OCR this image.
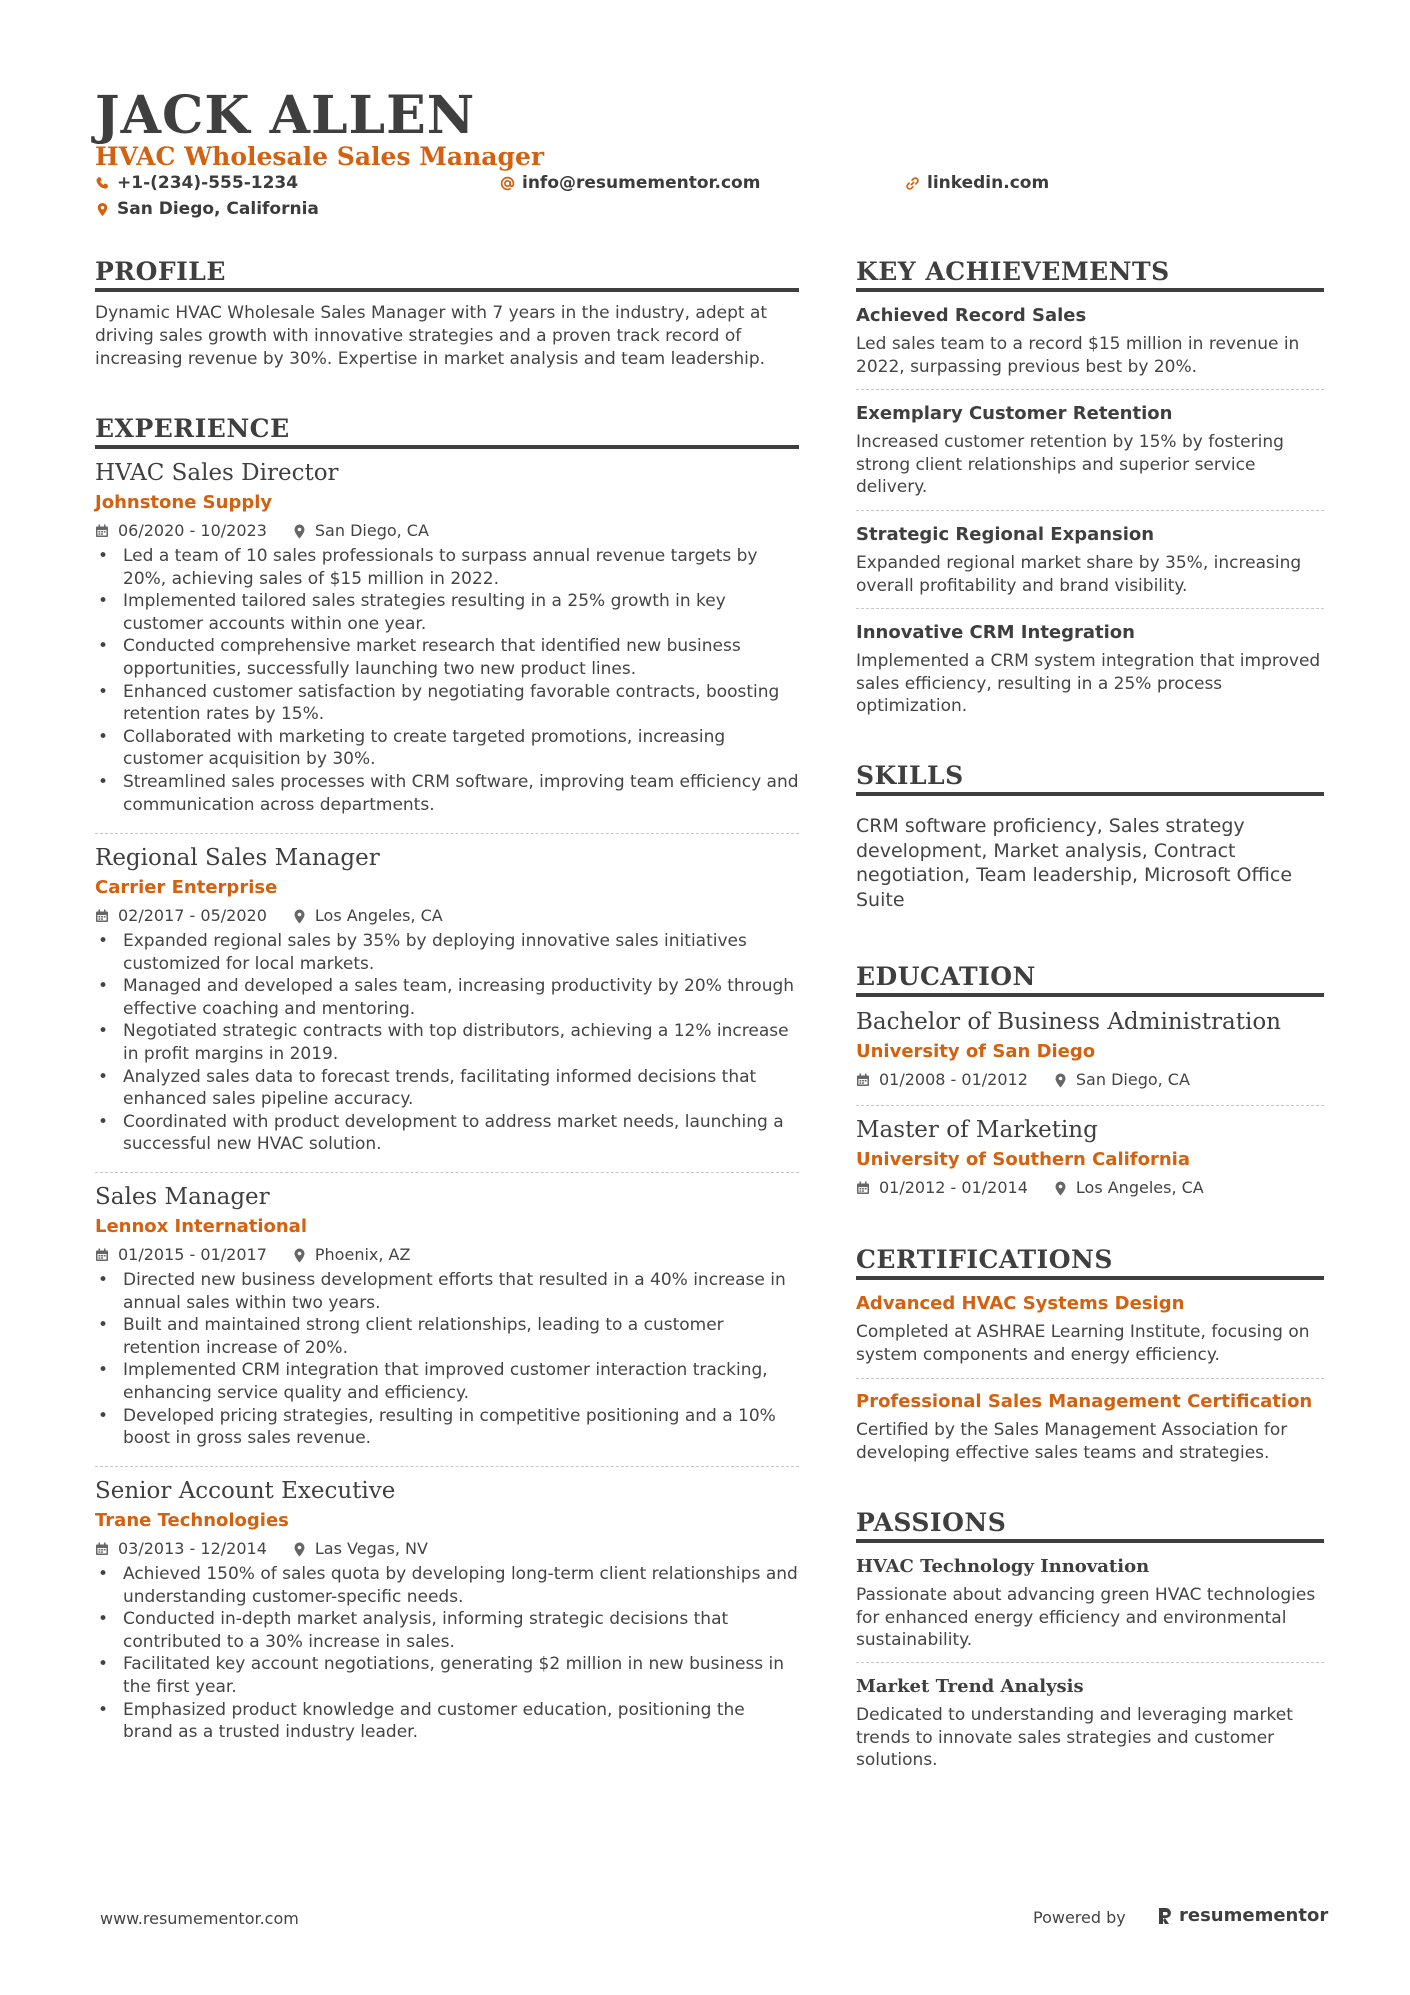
JACK ALLEN
HVAC Wholesale Sales Manager
+1-(234)-555-1234	info@resumementor.com	linkedin.com
San Diego, California
PROFILE
Dynamic HVAC Wholesale Sales Manager with 7 years in the industry, adept at driving sales growth with innovative strategies and a proven track record of increasing revenue by 30%. Expertise in market analysis and team leadership.
EXPERIENCE
HVAC Sales Director
Johnstone Supply
06/2020 - 10/2023	San Diego, CA
• Led a team of 10 sales professionals to surpass annual revenue targets by 20%, achieving sales of $15 million in 2022.
• Implemented tailored sales strategies resulting in a 25% growth in key customer accounts within one year.
• Conducted comprehensive market research that identified new business opportunities, successfully launching two new product lines.
• Enhanced customer satisfaction by negotiating favorable contracts, boosting retention rates by 15%.
• Collaborated with marketing to create targeted promotions, increasing customer acquisition by 30%.
• Streamlined sales processes with CRM software, improving team efficiency and communication across departments.
Regional Sales Manager
Carrier Enterprise
02/2017 - 05/2020	Los Angeles, CA
• Expanded regional sales by 35% by deploying innovative sales initiatives customized for local markets.
• Managed and developed a sales team, increasing productivity by 20% through effective coaching and mentoring.
• Negotiated strategic contracts with top distributors, achieving a 12% increase in profit margins in 2019.
• Analyzed sales data to forecast trends, facilitating informed decisions that enhanced sales pipeline accuracy.
• Coordinated with product development to address market needs, launching a successful new HVAC solution.
Sales Manager
Lennox International
01/2015 - 01/2017	Phoenix, AZ
• Directed new business development efforts that resulted in a 40% increase in annual sales within two years.
• Built and maintained strong client relationships, leading to a customer retention increase of 20%.
• Implemented CRM integration that improved customer interaction tracking, enhancing service quality and efficiency.
• Developed pricing strategies, resulting in competitive positioning and a 10% boost in gross sales revenue.
Senior Account Executive
Trane Technologies
03/2013 - 12/2014	Las Vegas, NV
• Achieved 150% of sales quota by developing long-term client relationships and understanding customer-specific needs.
• Conducted in-depth market analysis, informing strategic decisions that contributed to a 30% increase in sales.
• Facilitated key account negotiations, generating $2 million in new business in the first year.
• Emphasized product knowledge and customer education, positioning the brand as a trusted industry leader.
KEY ACHIEVEMENTS
Achieved Record Sales
Led sales team to a record $15 million in revenue in 2022, surpassing previous best by 20%.
Exemplary Customer Retention
Increased customer retention by 15% by fostering strong client relationships and superior service delivery.
Strategic Regional Expansion
Expanded regional market share by 35%, increasing overall profitability and brand visibility.
Innovative CRM Integration
Implemented a CRM system integration that improved sales efficiency, resulting in a 25% process optimization.
SKILLS
CRM software proficiency, Sales strategy development, Market analysis, Contract negotiation, Team leadership, Microsoft Office Suite
EDUCATION
Bachelor of Business Administration
University of San Diego
01/2008 - 01/2012	San Diego, CA
Master of Marketing
University of Southern California
01/2012 - 01/2014	Los Angeles, CA
CERTIFICATIONS
Advanced HVAC Systems Design
Completed at ASHRAE Learning Institute, focusing on system components and energy efficiency.
Professional Sales Management Certification
Certified by the Sales Management Association for developing effective sales teams and strategies.
PASSIONS
HVAC Technology Innovation
Passionate about advancing green HVAC technologies for enhanced energy efficiency and environmental sustainability.
Market Trend Analysis
Dedicated to understanding and leveraging market trends to innovate sales strategies and customer solutions.
www.resumementor.com	Powered by	resumementor
